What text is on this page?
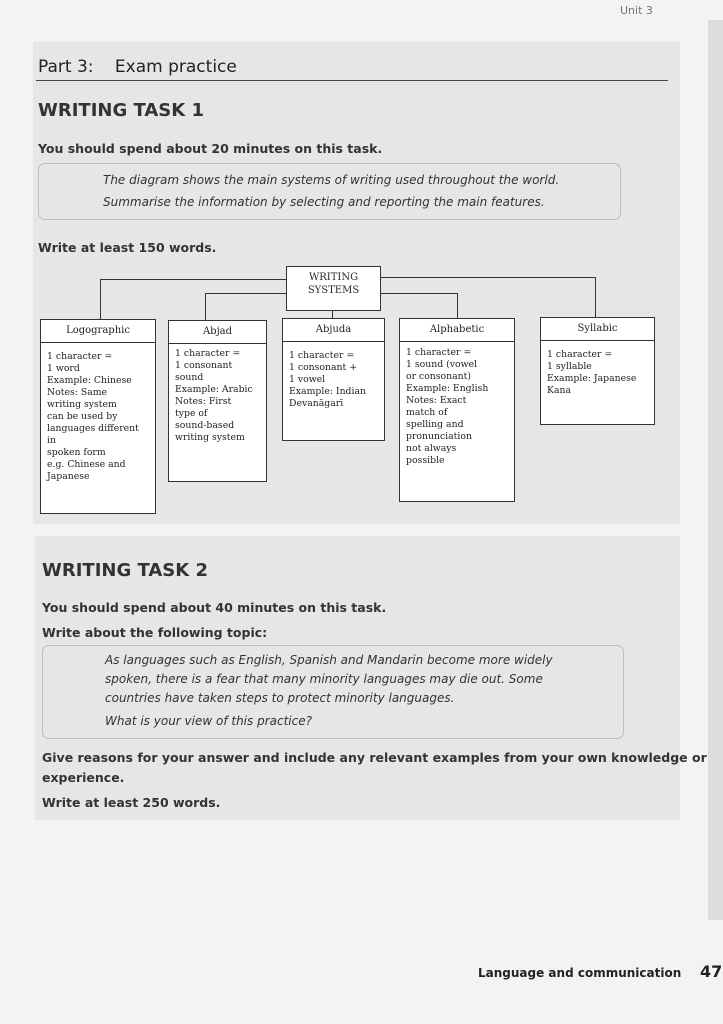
Unit 3
Part 3: Exam practice
WRITING TASK 1
You should spend about 20 minutes on this task.
The diagram shows the main systems of writing used throughout the world.
Summarise the information by selecting and reporting the main features.
Write at least 150 words.
WRITING
SYSTEMS
Logographic
1 character =
1 word
Example: Chinese
Notes: Same
writing system
can be used by
languages different in
spoken form
e.g. Chinese and
Japanese
Abjad
1 character =
1 consonant
sound
Example: Arabic
Notes: First
type of
sound-based
writing system
Abjuda
1 character =
1 consonant +
1 vowel
Example: Indian
Devanāgarī
Alphabetic
1 character =
1 sound (vowel
or consonant)
Example: English
Notes: Exact
match of
spelling and
pronunciation
not always
possible
Syllabic
1 character =
1 syllable
Example: Japanese
Kana
WRITING TASK 2
You should spend about 40 minutes on this task.
Write about the following topic:
As languages such as English, Spanish and Mandarin become more widely
spoken, there is a fear that many minority languages may die out. Some
countries have taken steps to protect minority languages.
What is your view of this practice?
Give reasons for your answer and include any relevant examples from your own knowledge or
experience.
Write at least 250 words.
Language and communication 47
